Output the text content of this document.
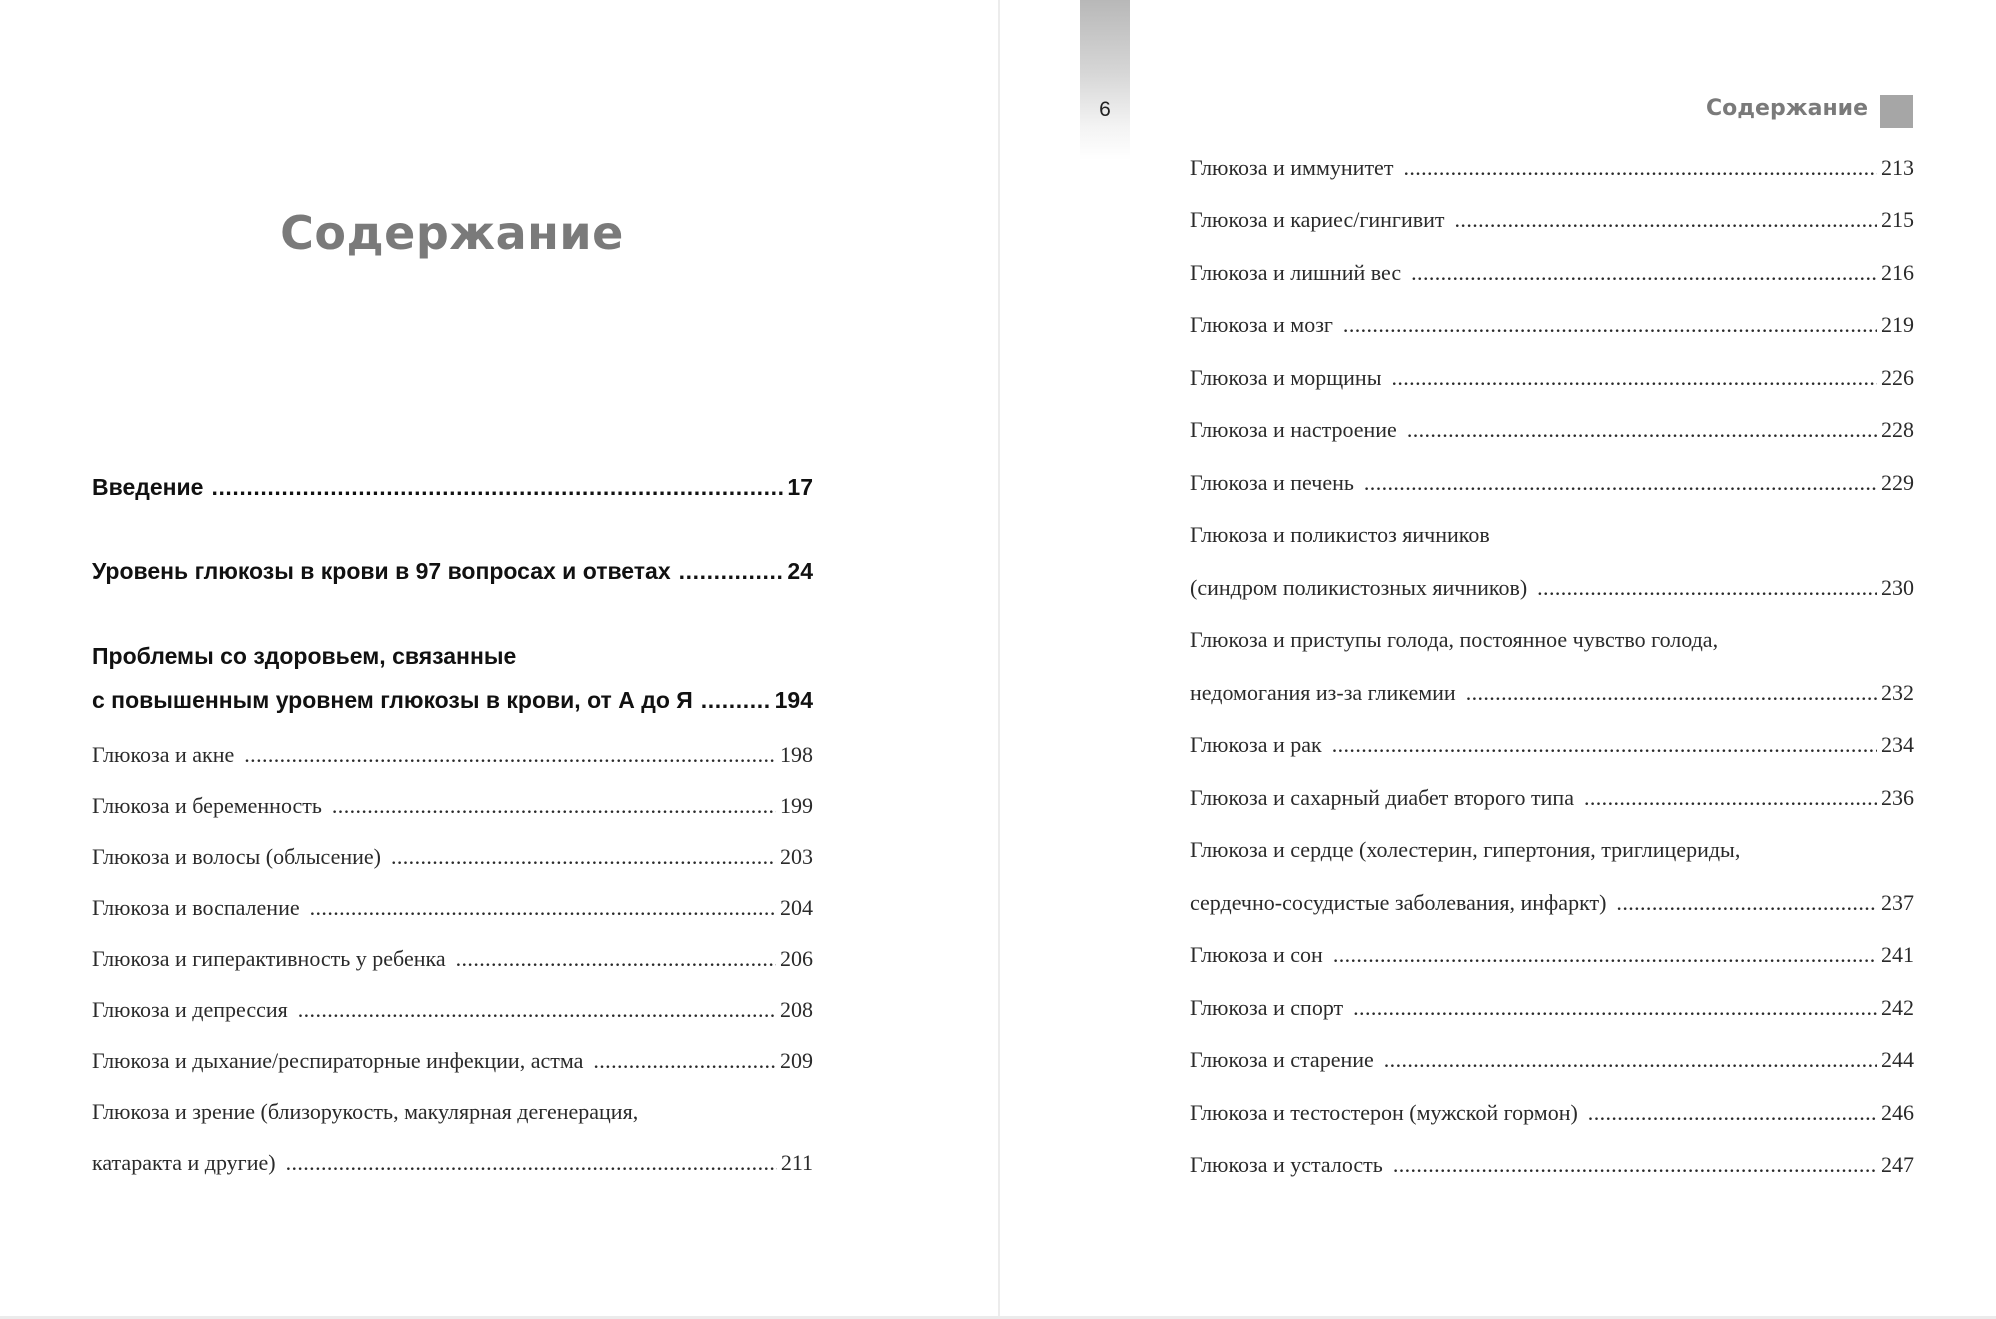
Содержание
Введение .....	17
Уровень глюкозы в крови в 97 вопросах и ответах .....	24
Проблемы со здоровьем, связанные
с повышенным уровнем глюкозы в крови, от А до Я .....	194
Глюкоза и акне .....	198
Глюкоза и беременность .....	199
Глюкоза и волосы (облысение) .....	203
Глюкоза и воспаление .....	204
Глюкоза и гиперактивность у ребенка .....	206
Глюкоза и депрессия .....	208
Глюкоза и дыхание/респираторные инфекции, астма .....	209
Глюкоза и зрение (близорукость, макулярная дегенерация,
катаракта и другие) .....	211
6	Содержание
Глюкоза и иммунитет .....	213
Глюкоза и кариес/гингивит .....	215
Глюкоза и лишний вес .....	216
Глюкоза и мозг .....	219
Глюкоза и морщины .....	226
Глюкоза и настроение .....	228
Глюкоза и печень .....	229
Глюкоза и поликистоз яичников
(синдром поликистозных яичников) .....	230
Глюкоза и приступы голода, постоянное чувство голода,
недомогания из-за гликемии .....	232
Глюкоза и рак .....	234
Глюкоза и сахарный диабет второго типа .....	236
Глюкоза и сердце (холестерин, гипертония, триглицериды,
сердечно-сосудистые заболевания, инфаркт) .....	237
Глюкоза и сон .....	241
Глюкоза и спорт .....	242
Глюкоза и старение .....	244
Глюкоза и тестостерон (мужской гормон) .....	246
Глюкоза и усталость .....	247
